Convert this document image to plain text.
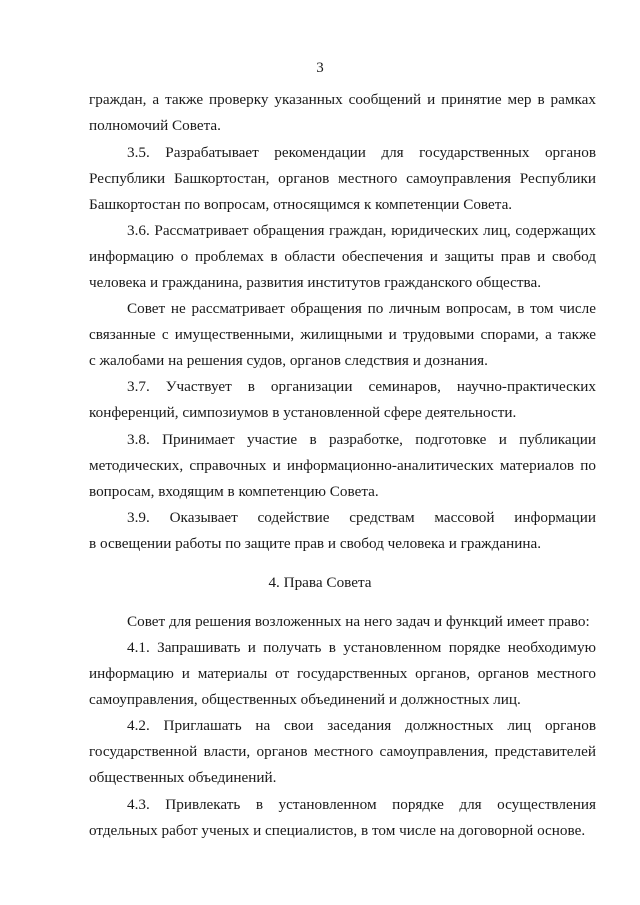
3
граждан, а также проверку указанных сообщений и принятие мер в рамках
полномочий Совета.
3.5. Разрабатывает рекомендации для государственных органов
Республики Башкортостан, органов местного самоуправления Республики
Башкортостан по вопросам, относящимся к компетенции Совета.
3.6. Рассматривает обращения граждан, юридических лиц, содержащих
информацию о проблемах в области обеспечения и защиты прав и свобод
человека и гражданина, развития институтов гражданского общества.
Совет не рассматривает обращения по личным вопросам, в том числе
связанные с имущественными, жилищными и трудовыми спорами, а также
с жалобами на решения судов, органов следствия и дознания.
3.7. Участвует в организации семинаров, научно-практических
конференций, симпозиумов в установленной сфере деятельности.
3.8. Принимает участие в разработке, подготовке и публикации
методических, справочных и информационно-аналитических материалов по
вопросам, входящим в компетенцию Совета.
3.9. Оказывает содействие средствам массовой информации
в освещении работы по защите прав и свобод человека и гражданина.
4. Права Совета
Совет для решения возложенных на него задач и функций имеет право:
4.1. Запрашивать и получать в установленном порядке необходимую
информацию и материалы от государственных органов, органов местного
самоуправления, общественных объединений и должностных лиц.
4.2. Приглашать на свои заседания должностных лиц органов
государственной власти, органов местного самоуправления, представителей
общественных объединений.
4.3. Привлекать в установленном порядке для осуществления
отдельных работ ученых и специалистов, в том числе на договорной основе.
